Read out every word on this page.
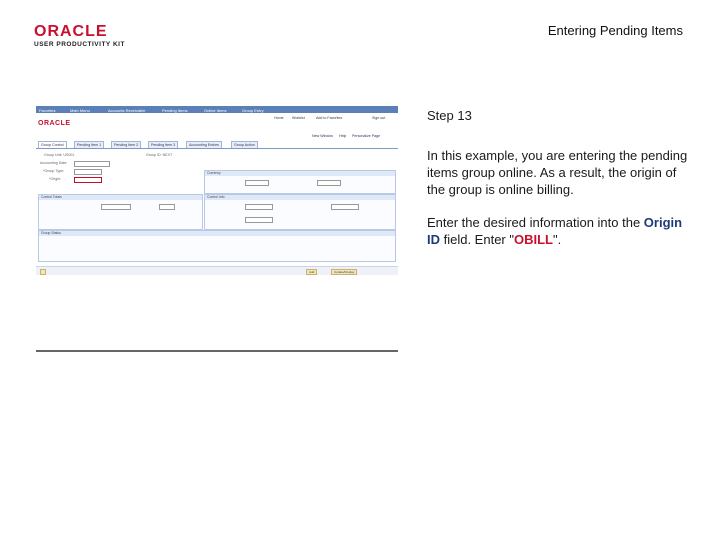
ORACLE
USER PRODUCTIVITY KIT
Entering Pending Items
Favorites	Main Menu	Accounts Receivable	Pending Items	Online Items	Group Entry
ORACLE
Home Worklist	Add to Favorites	Sign out
New Window Help Personalize Page
Group Control	Pending Item 1	Pending Item 2	Pending Item 3	Accounting Entries	Group Action
Group Unit: US001	Group ID: NEXT
Accounting Date:
*Group Type:
*Origin:
Currency
Control Totals	Control Info
Group Status
Add	Update/Display

Step 13

In this example, you are entering the pending items group online. As a result, the origin of the group is online billing.

Enter the desired information into the Origin ID field. Enter "OBILL".
